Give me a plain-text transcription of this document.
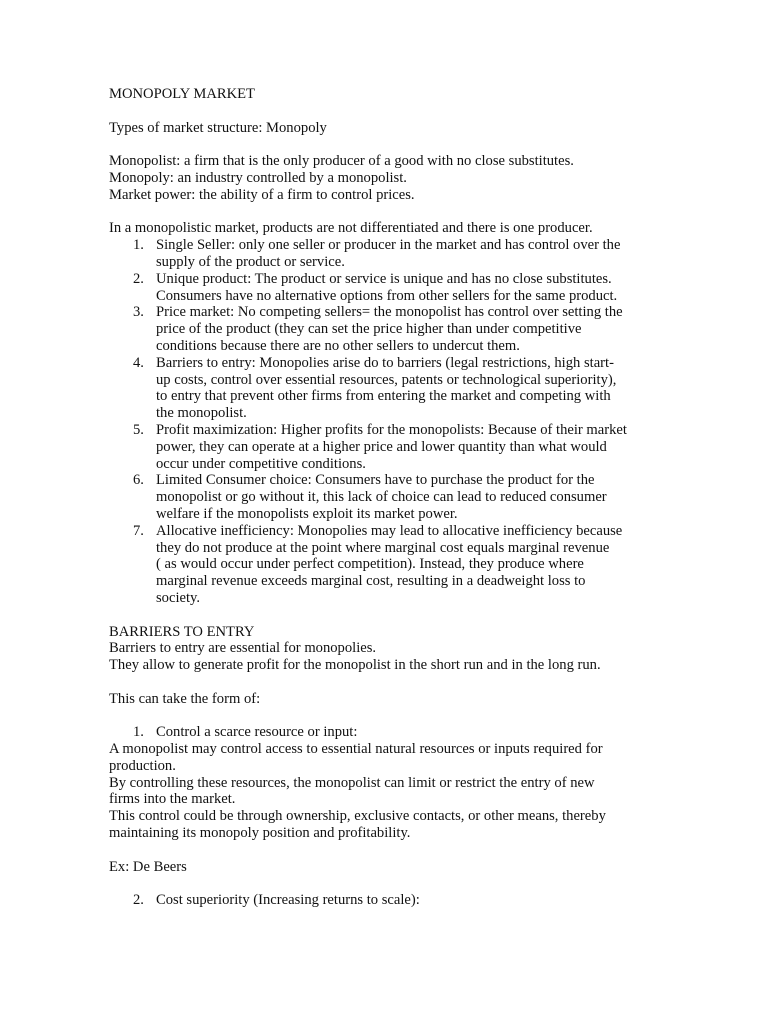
MONOPOLY MARKET

Types of market structure: Monopoly

Monopolist: a firm that is the only producer of a good with no close substitutes.

Monopoly: an industry controlled by a monopolist.

Market power: the ability of a firm to control prices.

In a monopolistic market, products are not differentiated and there is one producer.

1. Single Seller: only one seller or producer in the market and has control over the

supply of the product or service.

2. Unique product: The product or service is unique and has no close substitutes.

Consumers have no alternative options from other sellers for the same product.

3. Price market: No competing sellers= the monopolist has control over setting the

price of the product (they can set the price higher than under competitive

conditions because there are no other sellers to undercut them.

4. Barriers to entry: Monopolies arise do to barriers (legal restrictions, high start-

up costs, control over essential resources, patents or technological superiority),

to entry that prevent other firms from entering the market and competing with

the monopolist.

5. Profit maximization: Higher profits for the monopolists: Because of their market

power, they can operate at a higher price and lower quantity than what would

occur under competitive conditions.

6. Limited Consumer choice: Consumers have to purchase the product for the

monopolist or go without it, this lack of choice can lead to reduced consumer

welfare if the monopolists exploit its market power.

7. Allocative inefficiency: Monopolies may lead to allocative inefficiency because

they do not produce at the point where marginal cost equals marginal revenue

( as would occur under perfect competition). Instead, they produce where

marginal revenue exceeds marginal cost, resulting in a deadweight loss to

society.

BARRIERS TO ENTRY

Barriers to entry are essential for monopolies.

They allow to generate profit for the monopolist in the short run and in the long run.

This can take the form of:

1. Control a scarce resource or input:

A monopolist may control access to essential natural resources or inputs required for

production.

By controlling these resources, the monopolist can limit or restrict the entry of new

firms into the market.

This control could be through ownership, exclusive contacts, or other means, thereby

maintaining its monopoly position and profitability.

Ex: De Beers

2. Cost superiority (Increasing returns to scale):
